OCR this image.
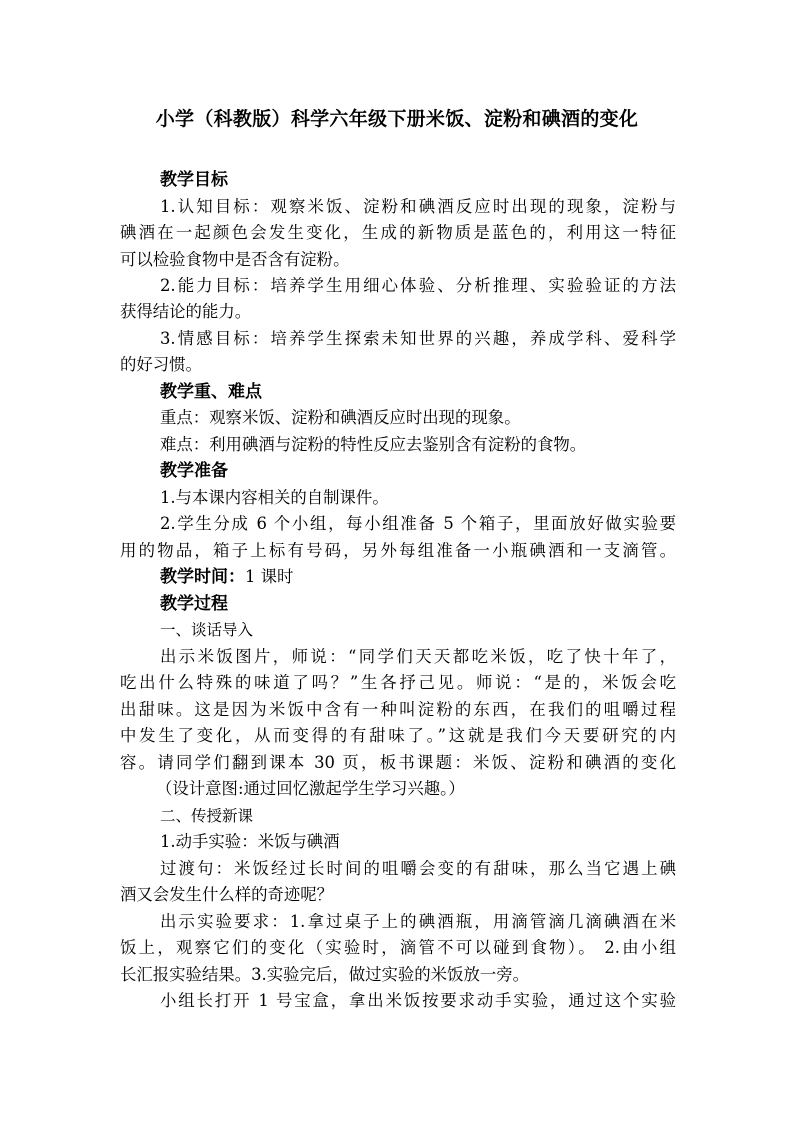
小学（科教版）科学六年级下册米饭、淀粉和碘酒的变化
教学目标
1.认知目标：观察米饭、淀粉和碘酒反应时出现的现象，淀粉与
碘酒在一起颜色会发生变化，生成的新物质是蓝色的，利用这一特征
可以检验食物中是否含有淀粉。
2.能力目标：培养学生用细心体验、分析推理、实验验证的方法
获得结论的能力。
3.情感目标：培养学生探索未知世界的兴趣，养成学科、爱科学
的好习惯。
教学重、难点
重点：观察米饭、淀粉和碘酒反应时出现的现象。
难点：利用碘酒与淀粉的特性反应去鉴别含有淀粉的食物。
教学准备
1.与本课内容相关的自制课件。
2.学生分成 6 个小组，每小组准备 5 个箱子，里面放好做实验要
用的物品，箱子上标有号码，另外每组准备一小瓶碘酒和一支滴管。
教学时间：1 课时
教学过程
一、谈话导入
出示米饭图片，师说：“同学们天天都吃米饭，吃了快十年了，
吃出什么特殊的味道了吗？”生各抒己见。师说：“是的，米饭会吃
出甜味。这是因为米饭中含有一种叫淀粉的东西，在我们的咀嚼过程
中发生了变化，从而变得的有甜味了。”这就是我们今天要研究的内
容。请同学们翻到课本 30 页，板书课题：米饭、淀粉和碘酒的变化
（设计意图:通过回忆激起学生学习兴趣。）
二、传授新课
1.动手实验：米饭与碘酒
过渡句：米饭经过长时间的咀嚼会变的有甜味，那么当它遇上碘
酒又会发生什么样的奇迹呢？
出示实验要求：1.拿过桌子上的碘酒瓶，用滴管滴几滴碘酒在米
饭上，观察它们的变化（实验时，滴管不可以碰到食物）。 2.由小组
长汇报实验结果。3.实验完后，做过实验的米饭放一旁。
小组长打开 1 号宝盒，拿出米饭按要求动手实验，通过这个实验
